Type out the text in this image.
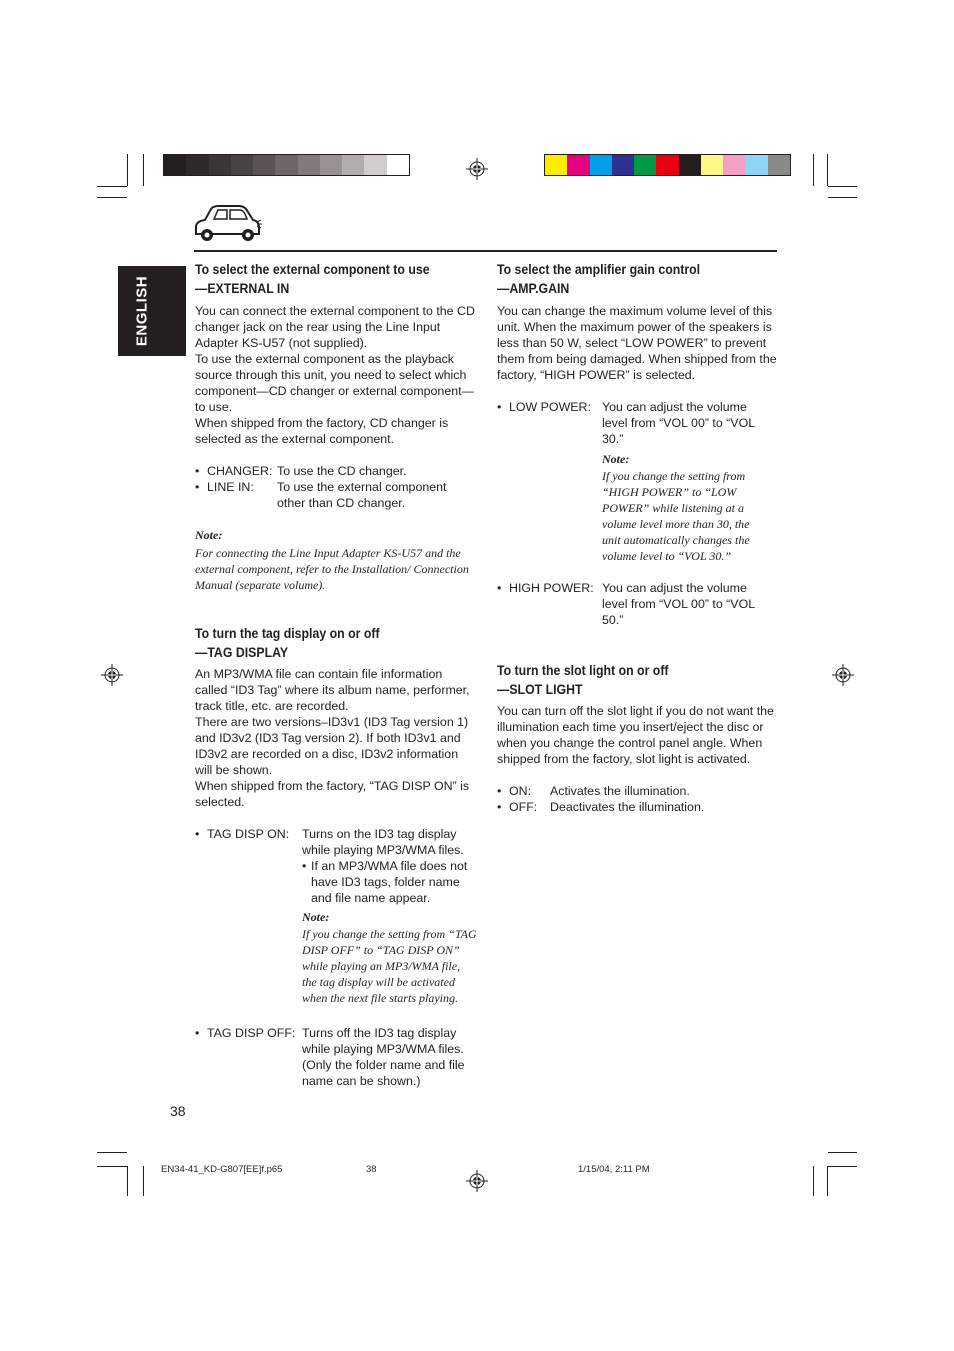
ENGLISH

To select the external component to use

—EXTERNAL IN

You can connect the external component to the CD changer jack on the rear using the Line Input Adapter KS-U57 (not supplied).

To use the external component as the playback source through this unit, you need to select which component—CD changer or external component—to use.

When shipped from the factory, CD changer is selected as the external component.

• CHANGER: To use the CD changer.
• LINE IN:	To use the external component other than CD changer.

Note:

For connecting the Line Input Adapter KS-U57 and the external component, refer to the Installation/ Connection Manual (separate volume).

To turn the tag display on or off

—TAG DISPLAY

An MP3/WMA file can contain file information called “ID3 Tag” where its album name, performer, track title, etc. are recorded.

There are two versions–ID3v1 (ID3 Tag version 1) and ID3v2 (ID3 Tag version 2). If both ID3v1 and ID3v2 are recorded on a disc, ID3v2 information will be shown.

When shipped from the factory, “TAG DISP ON” is selected.

• TAG DISP ON:	Turns on the ID3 tag display while playing MP3/WMA files.
• If an MP3/WMA file does not have ID3 tags, folder name and file name appear.

Note:

If you change the setting from “TAG DISP OFF” to “TAG DISP ON” while playing an MP3/WMA file, the tag display will be activated when the next file starts playing.

• TAG DISP OFF: Turns off the ID3 tag display while playing MP3/WMA files. (Only the folder name and file name can be shown.)

To select the amplifier gain control

—AMP.GAIN

You can change the maximum volume level of this unit. When the maximum power of the speakers is less than 50 W, select “LOW POWER” to prevent them from being damaged. When shipped from the factory, “HIGH POWER” is selected.

• LOW POWER: You can adjust the volume level from “VOL 00” to “VOL 30.”

Note:

If you change the setting from “HIGH POWER” to “LOW POWER” while listening at a volume level more than 30, the unit automatically changes the volume level to “VOL 30.”

• HIGH POWER: You can adjust the volume level from “VOL 00” to “VOL 50.”

To turn the slot light on or off

—SLOT LIGHT

You can turn off the slot light if you do not want the illumination each time you insert/eject the disc or when you change the control panel angle. When shipped from the factory, slot light is activated.

• ON:	Activates the illumination.
• OFF:	Deactivates the illumination.
38
EN34-41_KD-G807[EE]f.p65	38	1/15/04, 2:11 PM
